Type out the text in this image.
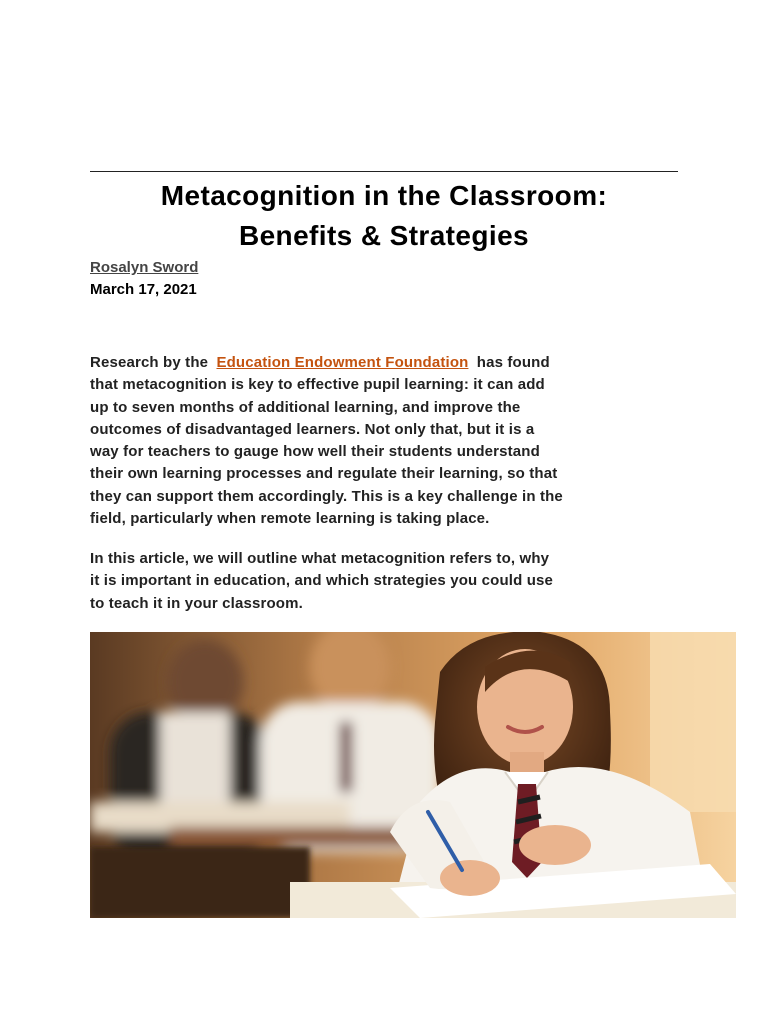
Metacognition in the Classroom:
Benefits & Strategies
Rosalyn Sword
March 17, 2021
Research by the Education Endowment Foundation has found
that metacognition is key to effective pupil learning: it can add
up to seven months of additional learning, and improve the
outcomes of disadvantaged learners. Not only that, but it is a
way for teachers to gauge how well their students understand
their own learning processes and regulate their learning, so that
they can support them accordingly. This is a key challenge in the
field, particularly when remote learning is taking place.
In this article, we will outline what metacognition refers to, why
it is important in education, and which strategies you could use
to teach it in your classroom.
